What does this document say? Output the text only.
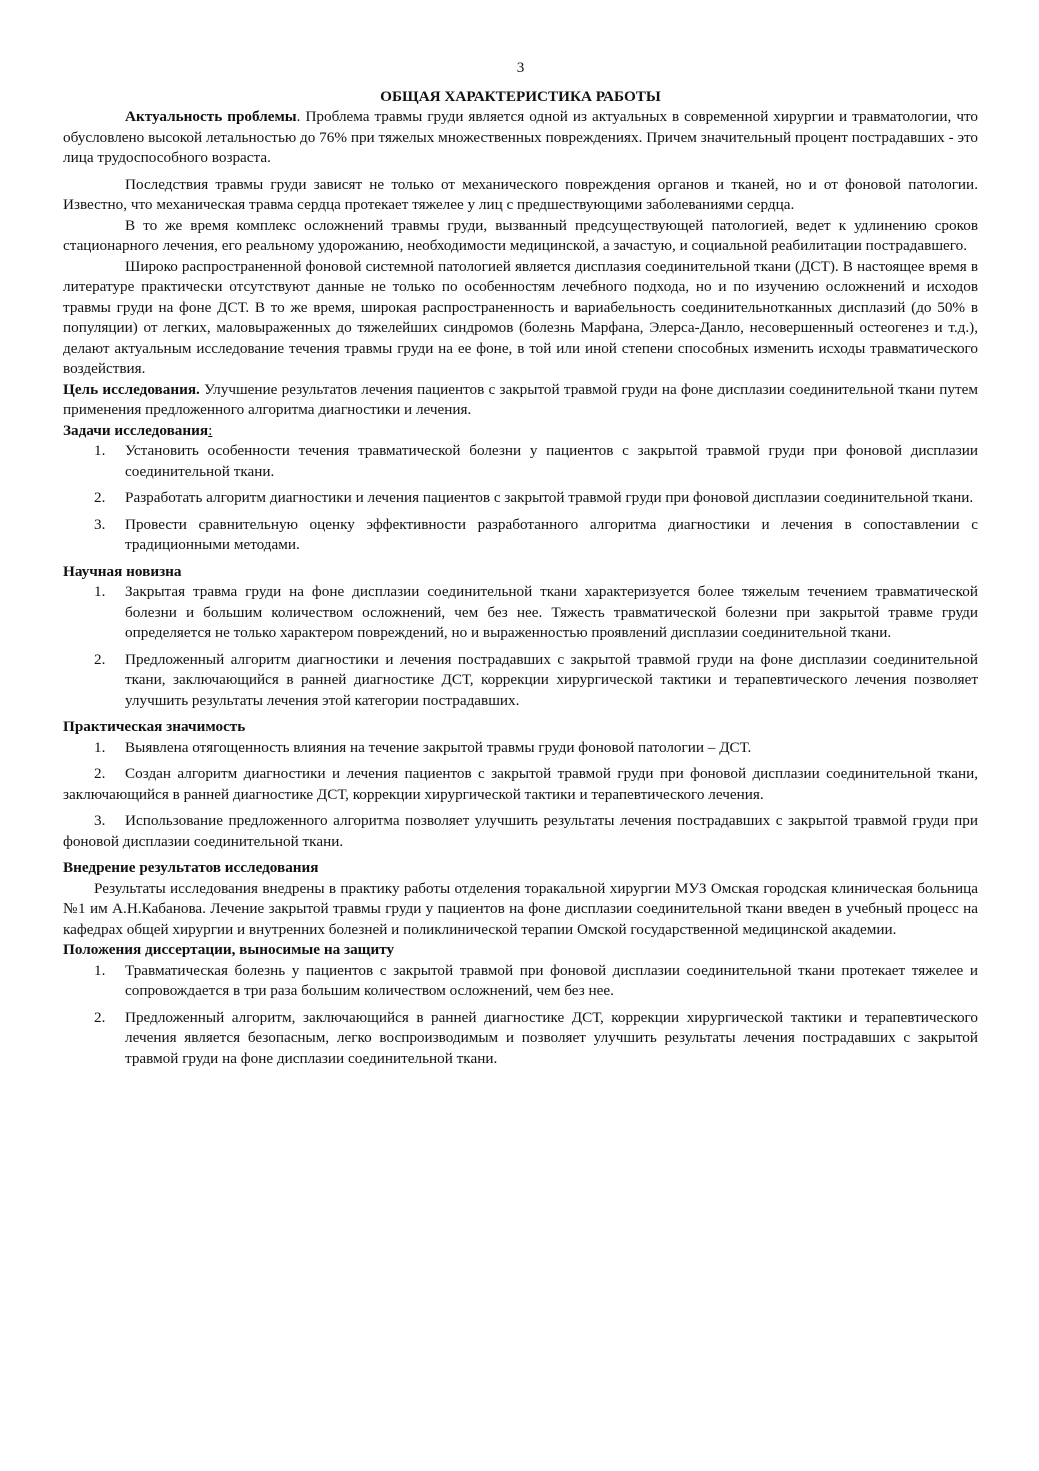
3
ОБЩАЯ ХАРАКТЕРИСТИКА РАБОТЫ

Актуальность проблемы. Проблема травмы груди является одной из актуальных в современной хирургии и травматологии, что обусловлено высокой летальностью до 76% при тяжелых множественных повреждениях. Причем значительный процент пострадавших - это лица трудоспособного возраста.

Последствия травмы груди зависят не только от механического повреждения органов и тканей, но и от фоновой патологии. Известно, что механическая травма сердца протекает тяжелее у лиц с предшествующими заболеваниями сердца.

В то же время комплекс осложнений травмы груди, вызванный предсуществующей патологией, ведет к удлинению сроков стационарного лечения, его реальному удорожанию, необходимости медицинской, а зачастую, и социальной реабилитации пострадавшего.

Широко распространенной фоновой системной патологией является дисплазия соединительной ткани (ДСТ). В настоящее время в литературе практически отсутствуют данные не только по особенностям лечебного подхода, но и по изучению осложнений и исходов травмы груди на фоне ДСТ. В то же время, широкая распространенность и вариабельность соединительнотканных дисплазий (до 50% в популяции) от легких, маловыраженных до тяжелейших синдромов (болезнь Марфана, Элерса-Данло, несовершенный остеогенез и т.д.), делают актуальным исследование течения травмы груди на ее фоне, в той или иной степени способных изменить исходы травматического воздействия.

Цель исследования. Улучшение результатов лечения пациентов с закрытой травмой груди на фоне дисплазии соединительной ткани путем применения предложенного алгоритма диагностики и лечения.

Задачи исследования:

1. Установить особенности течения травматической болезни у пациентов с закрытой травмой груди при фоновой дисплазии соединительной ткани.
2. Разработать алгоритм диагностики и лечения пациентов с закрытой травмой груди при фоновой дисплазии соединительной ткани.
3. Провести сравнительную оценку эффективности разработанного алгоритма диагностики и лечения в сопоставлении с традиционными методами.

Научная новизна

1. Закрытая травма груди на фоне дисплазии соединительной ткани характеризуется более тяжелым течением травматической болезни и большим количеством осложнений, чем без нее. Тяжесть травматической болезни при закрытой травме груди определяется не только характером повреждений, но и выраженностью проявлений дисплазии соединительной ткани.
2. Предложенный алгоритм диагностики и лечения пострадавших с закрытой травмой груди на фоне дисплазии соединительной ткани, заключающийся в ранней диагностике ДСТ, коррекции хирургической тактики и терапевтического лечения позволяет улучшить результаты лечения этой категории пострадавших.

Практическая значимость

1. Выявлена отягощенность влияния на течение закрытой травмы груди фоновой патологии – ДСТ.
2. Создан алгоритм диагностики и лечения пациентов с закрытой травмой груди при фоновой дисплазии соединительной ткани, заключающийся в ранней диагностике ДСТ, коррекции хирургической тактики и терапевтического лечения.
3. Использование предложенного алгоритма позволяет улучшить результаты лечения пострадавших с закрытой травмой груди при фоновой дисплазии соединительной ткани.

Внедрение результатов исследования

Результаты исследования внедрены в практику работы отделения торакальной хирургии МУЗ Омская городская клиническая больница №1 им А.Н.Кабанова. Лечение закрытой травмы груди у пациентов на фоне дисплазии соединительной ткани введен в учебный процесс на кафедрах общей хирургии и внутренних болезней и поликлинической терапии Омской государственной медицинской академии.

Положения диссертации, выносимые на защиту

1. Травматическая болезнь у пациентов с закрытой травмой при фоновой дисплазии соединительной ткани протекает тяжелее и сопровождается в три раза большим количеством осложнений, чем без нее.
2. Предложенный алгоритм, заключающийся в ранней диагностике ДСТ, коррекции хирургической тактики и терапевтического лечения является безопасным, легко воспроизводимым и позволяет улучшить результаты лечения пострадавших с закрытой травмой груди на фоне дисплазии соединительной ткани.
